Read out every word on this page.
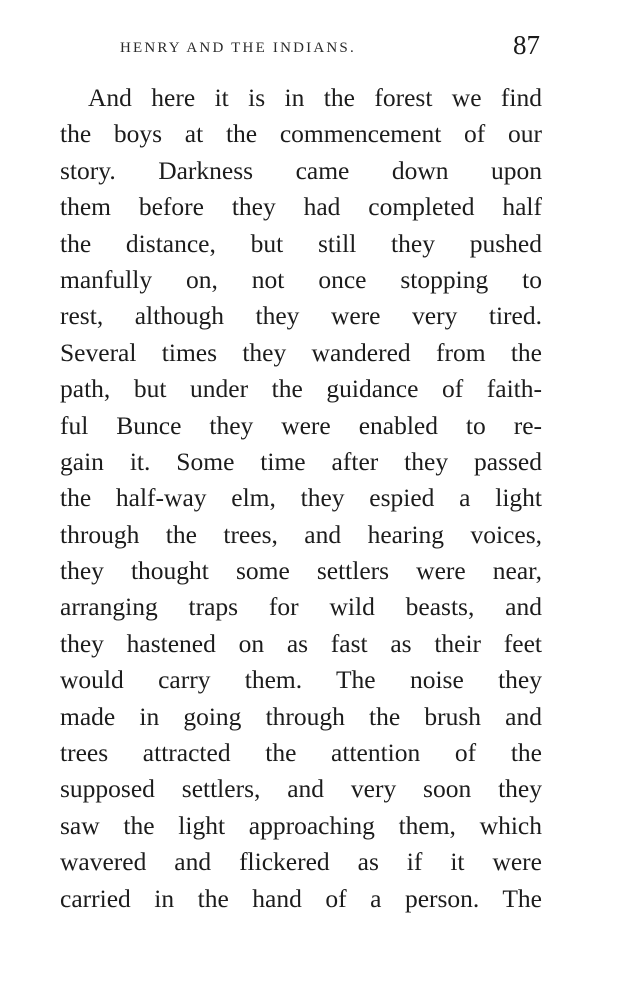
HENRY AND THE INDIANS.	87
And here it is in the forest we find
the boys at the commencement of our
story. Darkness came down upon
them before they had completed half
the distance, but still they pushed
manfully on, not once stopping to
rest, although they were very tired.
Several times they wandered from the
path, but under the guidance of faith-
ful Bunce they were enabled to re-
gain it. Some time after they passed
the half-way elm, they espied a light
through the trees, and hearing voices,
they thought some settlers were near,
arranging traps for wild beasts, and
they hastened on as fast as their feet
would carry them. The noise they
made in going through the brush and
trees attracted the attention of the
supposed settlers, and very soon they
saw the light approaching them, which
wavered and flickered as if it were
carried in the hand of a person. The
